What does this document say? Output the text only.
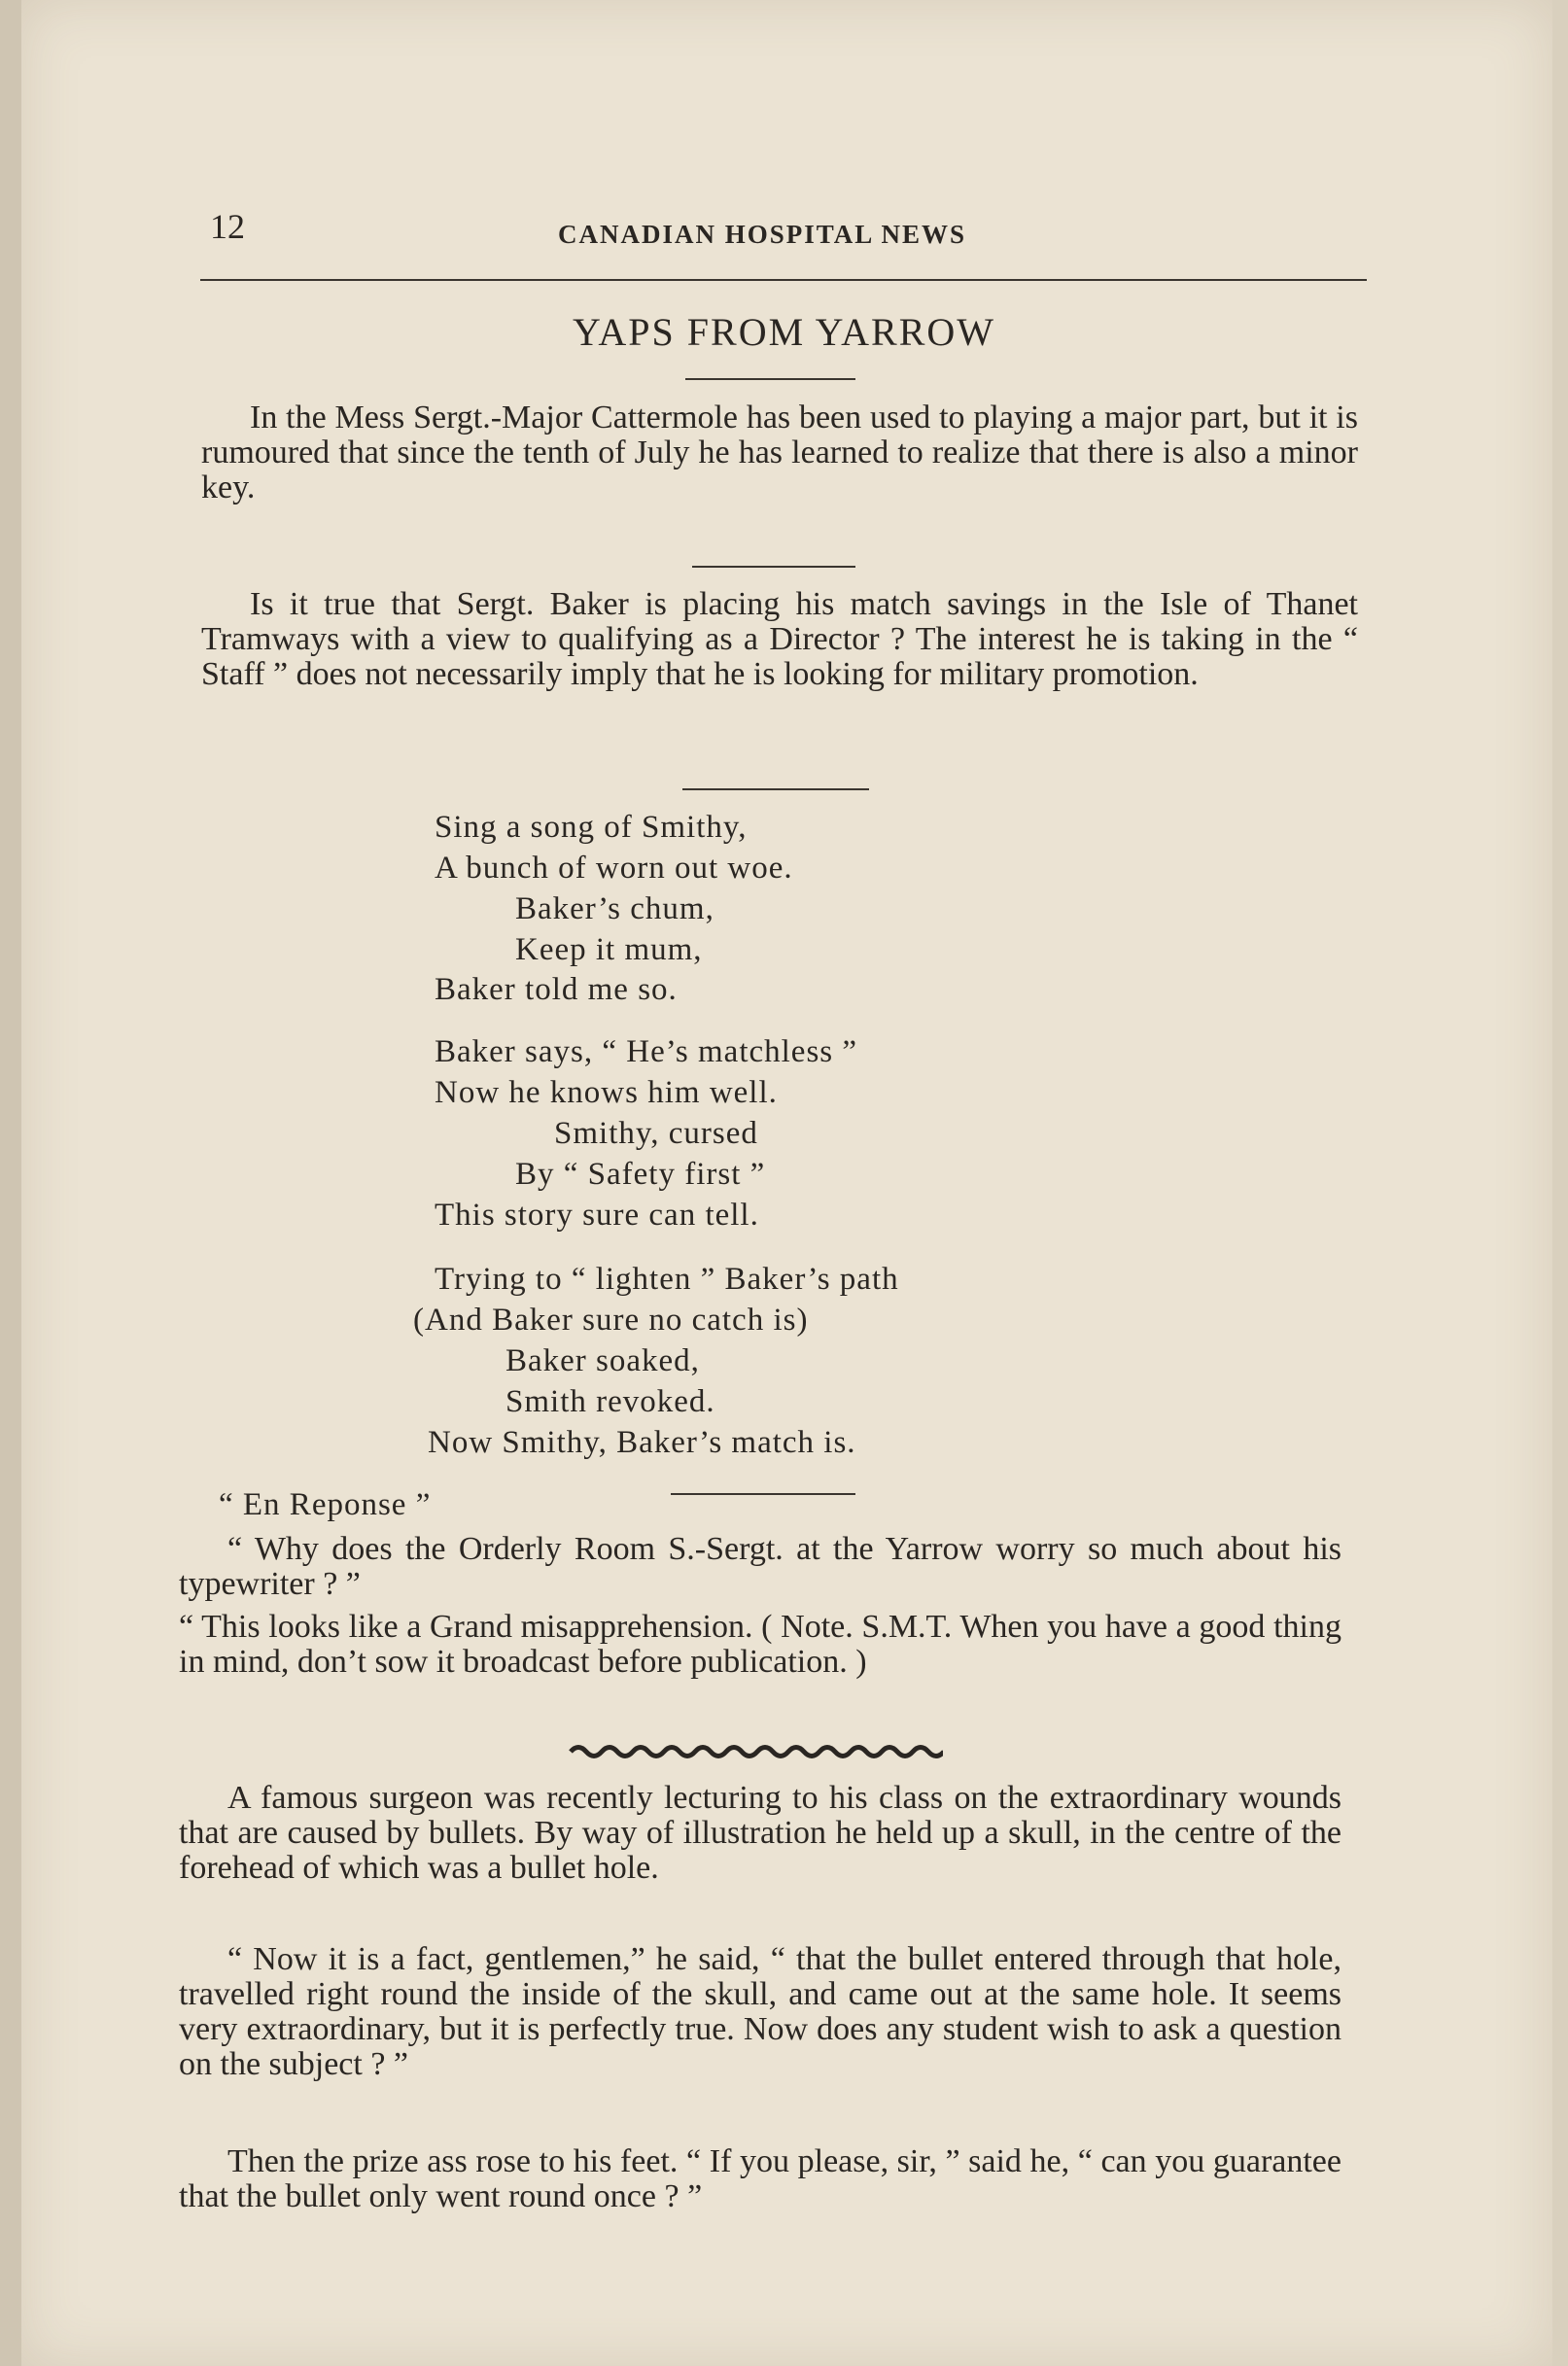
12	CANADIAN HOSPITAL NEWS
YAPS FROM YARROW

In the Mess Sergt.-Major Cattermole has been used to playing a major part, but it is rumoured that since the tenth of July he has learned to realize that there is also a minor key.

Is it true that Sergt. Baker is placing his match savings in the Isle of Thanet Tramways with a view to qualifying as a Director ? The interest he is taking in the “ Staff ” does not necessarily imply that he is looking for military promotion.

Sing a song of Smithy,

A bunch of worn out woe.

Baker’s chum,

Keep it mum,

Baker told me so.

Baker says, “ He’s matchless ”

Now he knows him well.

Smithy, cursed

By “ Safety first ”

This story sure can tell.

Trying to “ lighten ” Baker’s path

(And Baker sure no catch is)

Baker soaked,

Smith revoked.

Now Smithy, Baker’s match is.

“ En Reponse ”

“ Why does the Orderly Room S.-Sergt. at the Yarrow worry so much about his typewriter ? ”

“ This looks like a Grand misapprehension. ( Note. S.M.T. When you have a good thing in mind, don’t sow it broadcast before publication. )

A famous surgeon was recently lecturing to his class on the extraordinary wounds that are caused by bullets. By way of illustration he held up a skull, in the centre of the forehead of which was a bullet hole.

“ Now it is a fact, gentlemen,” he said, “ that the bullet entered through that hole, travelled right round the inside of the skull, and came out at the same hole. It seems very extraordinary, but it is perfectly true. Now does any student wish to ask a question on the subject ? ”

Then the prize ass rose to his feet. “ If you please, sir, ” said he, “ can you guarantee that the bullet only went round once ? ”
